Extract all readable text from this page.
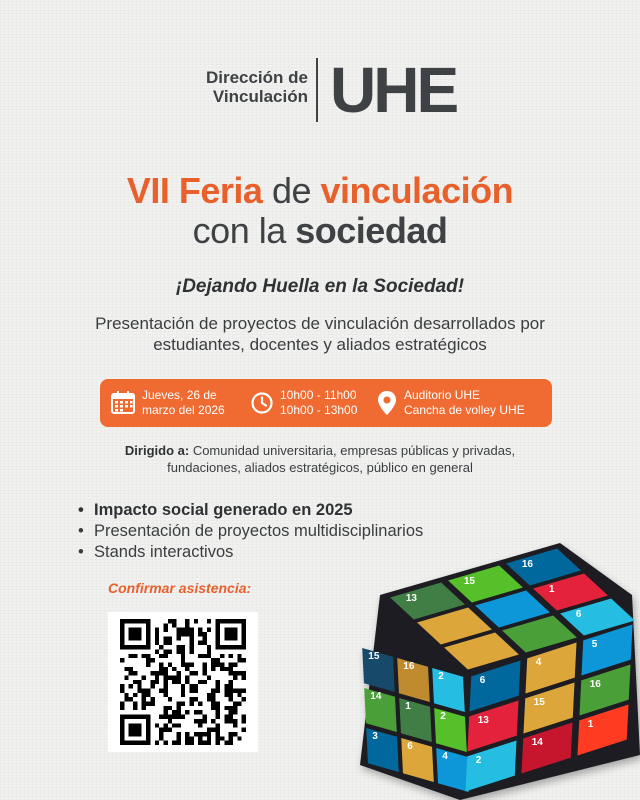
Dirección de
Vinculación UHE
VII Feria de vinculación
con la sociedad
¡Dejando Huella en la Sociedad!
Presentación de proyectos de vinculación desarrollados por
estudiantes, docentes y aliados estratégicos
Jueves, 26 de
marzo del 2026
10h00 - 11h00
10h00 - 13h00
Auditorio UHE
Cancha de volley UHE
Dirigido a: Comunidad universitaria, empresas públicas y privadas,
fundaciones, aliados estratégicos, público en general
• Impacto social generado en 2025
• Presentación de proyectos multidisciplinarios
• Stands interactivos
Confirmar asistencia:
13
15
16
1
6
15
16
2
14
1
2
3
6
4
6
4
5
13
15
16
2
14
1
